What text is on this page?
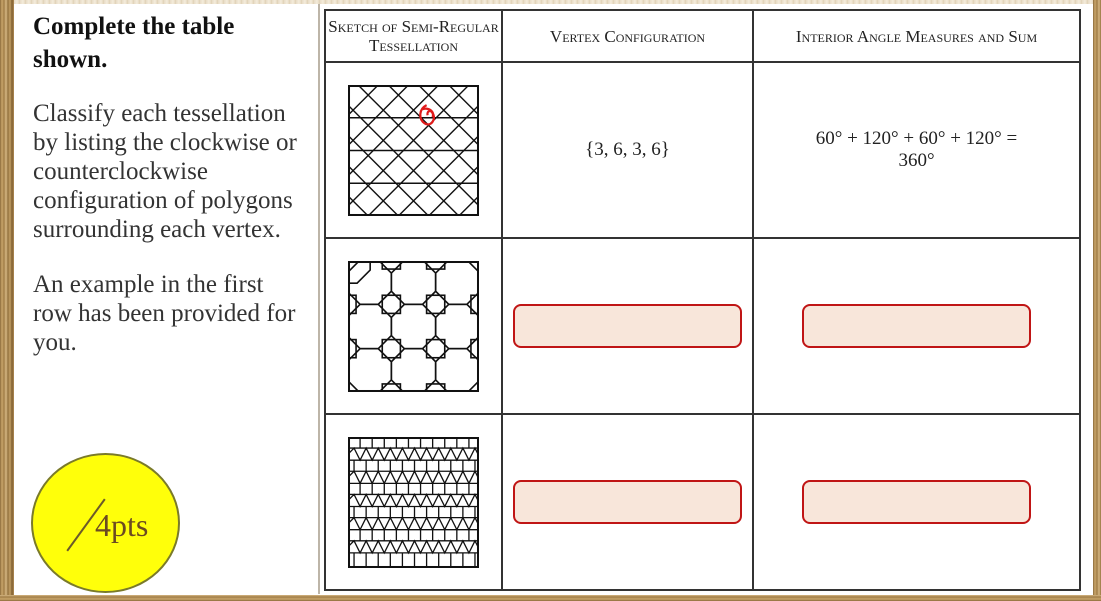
Complete the table shown.

Classify each tessellation by listing the clockwise or counterclockwise configuration of polygons surrounding each vertex.

An example in the first row has been provided for you.

4pts
Sketch of Semi-Regular Tessellation	Vertex Configuration	Interior Angle Measures and Sum

	{3, 6, 3, 6}	60° + 120° + 60° + 120° = 360°
